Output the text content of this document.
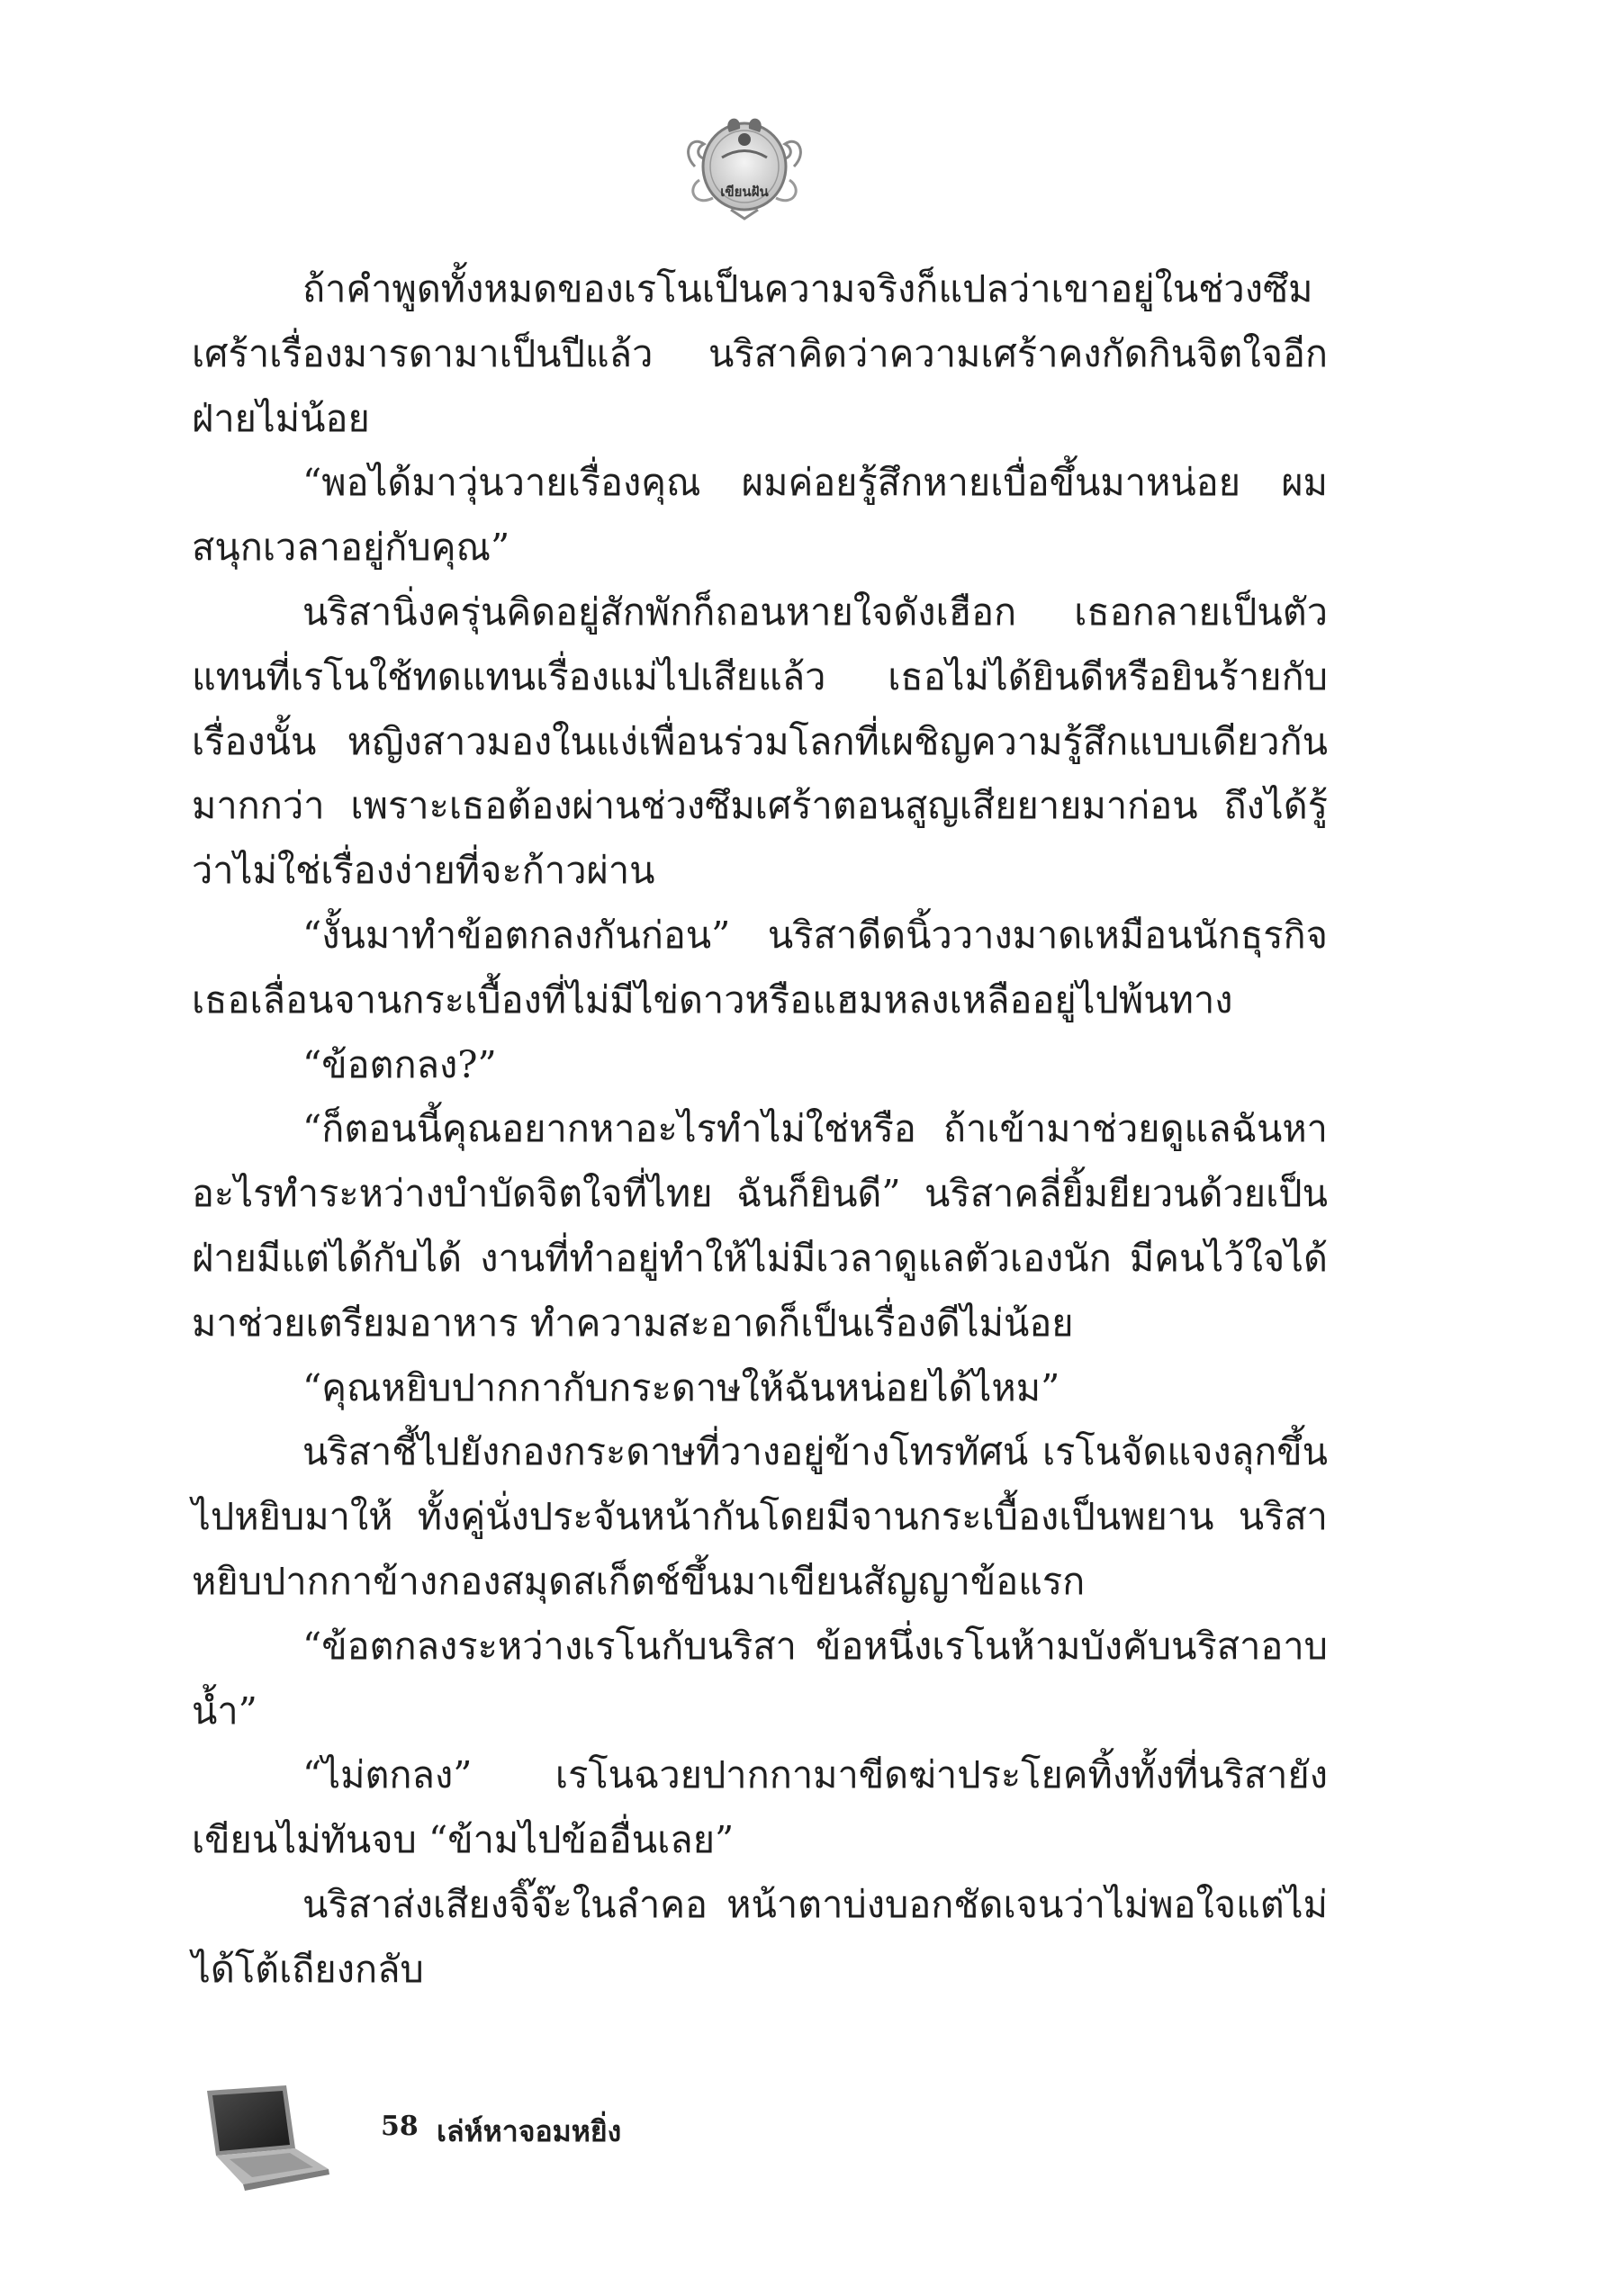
เขียนฝัน

ถ้าคำพูดทั้งหมดของเรโนเป็นความจริงก็แปลว่าเขาอยู่ในช่วงซึมเศร้าเรื่องมารดามาเป็นปีแล้ว นริสาคิดว่าความเศร้าคงกัดกินจิตใจอีกฝ่ายไม่น้อย

“พอได้มาวุ่นวายเรื่องคุณ ผมค่อยรู้สึกหายเบื่อขึ้นมาหน่อย ผมสนุกเวลาอยู่กับคุณ”

นริสานิ่งครุ่นคิดอยู่สักพักก็ถอนหายใจดังเฮือก เธอกลายเป็นตัวแทนที่เรโนใช้ทดแทนเรื่องแม่ไปเสียแล้ว เธอไม่ได้ยินดีหรือยินร้ายกับเรื่องนั้น หญิงสาวมองในแง่เพื่อนร่วมโลกที่เผชิญความรู้สึกแบบเดียวกันมากกว่า เพราะเธอต้องผ่านช่วงซึมเศร้าตอนสูญเสียยายมาก่อน ถึงได้รู้ว่าไม่ใช่เรื่องง่ายที่จะก้าวผ่าน

“งั้นมาทำข้อตกลงกันก่อน” นริสาดีดนิ้ววางมาดเหมือนนักธุรกิจ เธอเลื่อนจานกระเบื้องที่ไม่มีไข่ดาวหรือแฮมหลงเหลืออยู่ไปพ้นทาง

“ข้อตกลง?”

“ก็ตอนนี้คุณอยากหาอะไรทำไม่ใช่หรือ ถ้าเข้ามาช่วยดูแลฉันหาอะไรทำระหว่างบำบัดจิตใจที่ไทย ฉันก็ยินดี” นริสาคลี่ยิ้มยียวนด้วยเป็นฝ่ายมีแต่ได้กับได้ งานที่ทำอยู่ทำให้ไม่มีเวลาดูแลตัวเองนัก มีคนไว้ใจได้มาช่วยเตรียมอาหาร ทำความสะอาดก็เป็นเรื่องดีไม่น้อย

“คุณหยิบปากกากับกระดาษให้ฉันหน่อยได้ไหม”

นริสาชี้ไปยังกองกระดาษที่วางอยู่ข้างโทรทัศน์ เรโนจัดแจงลุกขึ้นไปหยิบมาให้ ทั้งคู่นั่งประจันหน้ากันโดยมีจานกระเบื้องเป็นพยาน นริสาหยิบปากกาข้างกองสมุดสเก็ตช์ขึ้นมาเขียนสัญญาข้อแรก

“ข้อตกลงระหว่างเรโนกับนริสา ข้อหนึ่งเรโนห้ามบังคับนริสาอาบน้ำ”

“ไม่ตกลง” เรโนฉวยปากกามาขีดฆ่าประโยคทิ้งทั้งที่นริสายังเขียนไม่ทันจบ “ข้ามไปข้ออื่นเลย”

นริสาส่งเสียงจิ๊จ๊ะในลำคอ หน้าตาบ่งบอกชัดเจนว่าไม่พอใจแต่ไม่ได้โต้เถียงกลับ

58 เล่ห์หาจอมหยิ่ง
